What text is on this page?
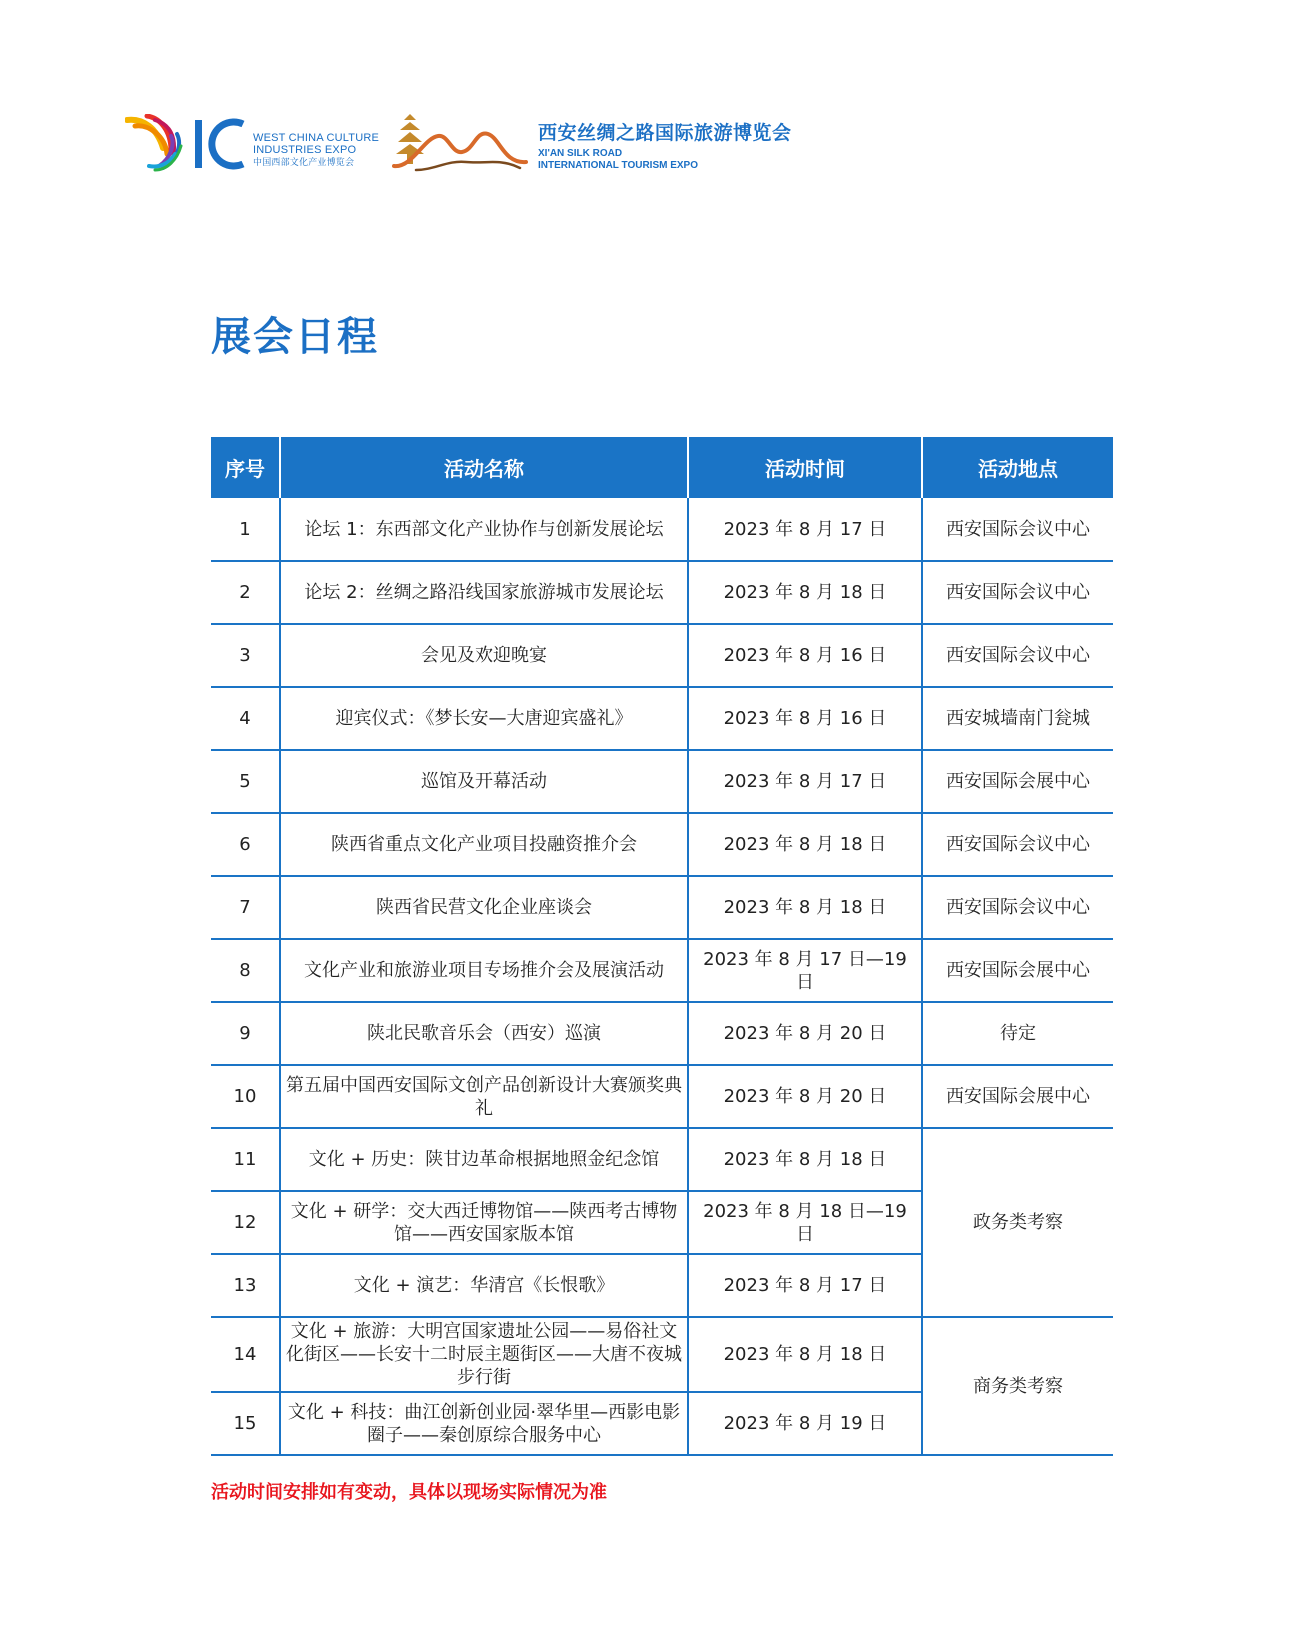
WEST CHINA CULTURE
INDUSTRIES EXPO
中国西部文化产业博览会
西安丝绸之路国际旅游博览会
XI'AN SILK ROAD
INTERNATIONAL TOURISM EXPO
展会日程
序号	活动名称	活动时间	活动地点
1	论坛 1：东西部文化产业协作与创新发展论坛	2023 年 8 月 17 日	西安国际会议中心
2	论坛 2：丝绸之路沿线国家旅游城市发展论坛	2023 年 8 月 18 日	西安国际会议中心
3	会见及欢迎晚宴	2023 年 8 月 16 日	西安国际会议中心
4	迎宾仪式：《梦长安—大唐迎宾盛礼》	2023 年 8 月 16 日	西安城墙南门瓮城
5	巡馆及开幕活动	2023 年 8 月 17 日	西安国际会展中心
6	陕西省重点文化产业项目投融资推介会	2023 年 8 月 18 日	西安国际会议中心
7	陕西省民营文化企业座谈会	2023 年 8 月 18 日	西安国际会议中心
8	文化产业和旅游业项目专场推介会及展演活动	2023 年 8 月 17 日—19 日	西安国际会展中心
9	陕北民歌音乐会（西安）巡演	2023 年 8 月 20 日	待定
10	第五届中国西安国际文创产品创新设计大赛颁奖典礼	2023 年 8 月 20 日	西安国际会展中心
11	文化 + 历史：陕甘边革命根据地照金纪念馆	2023 年 8 月 18 日	政务类考察
12	文化 + 研学：交大西迁博物馆——陕西考古博物馆——西安国家版本馆	2023 年 8 月 18 日—19 日	
13	文化 + 演艺：华清宫《长恨歌》	2023 年 8 月 17 日	
14	文化 + 旅游：大明宫国家遗址公园——易俗社文化街区——长安十二时辰主题街区——大唐不夜城步行街	2023 年 8 月 18 日	商务类考察
15	文化 + 科技：曲江创新创业园·翠华里—西影电影圈子——秦创原综合服务中心	2023 年 8 月 19 日	
活动时间安排如有变动，具体以现场实际情况为准
